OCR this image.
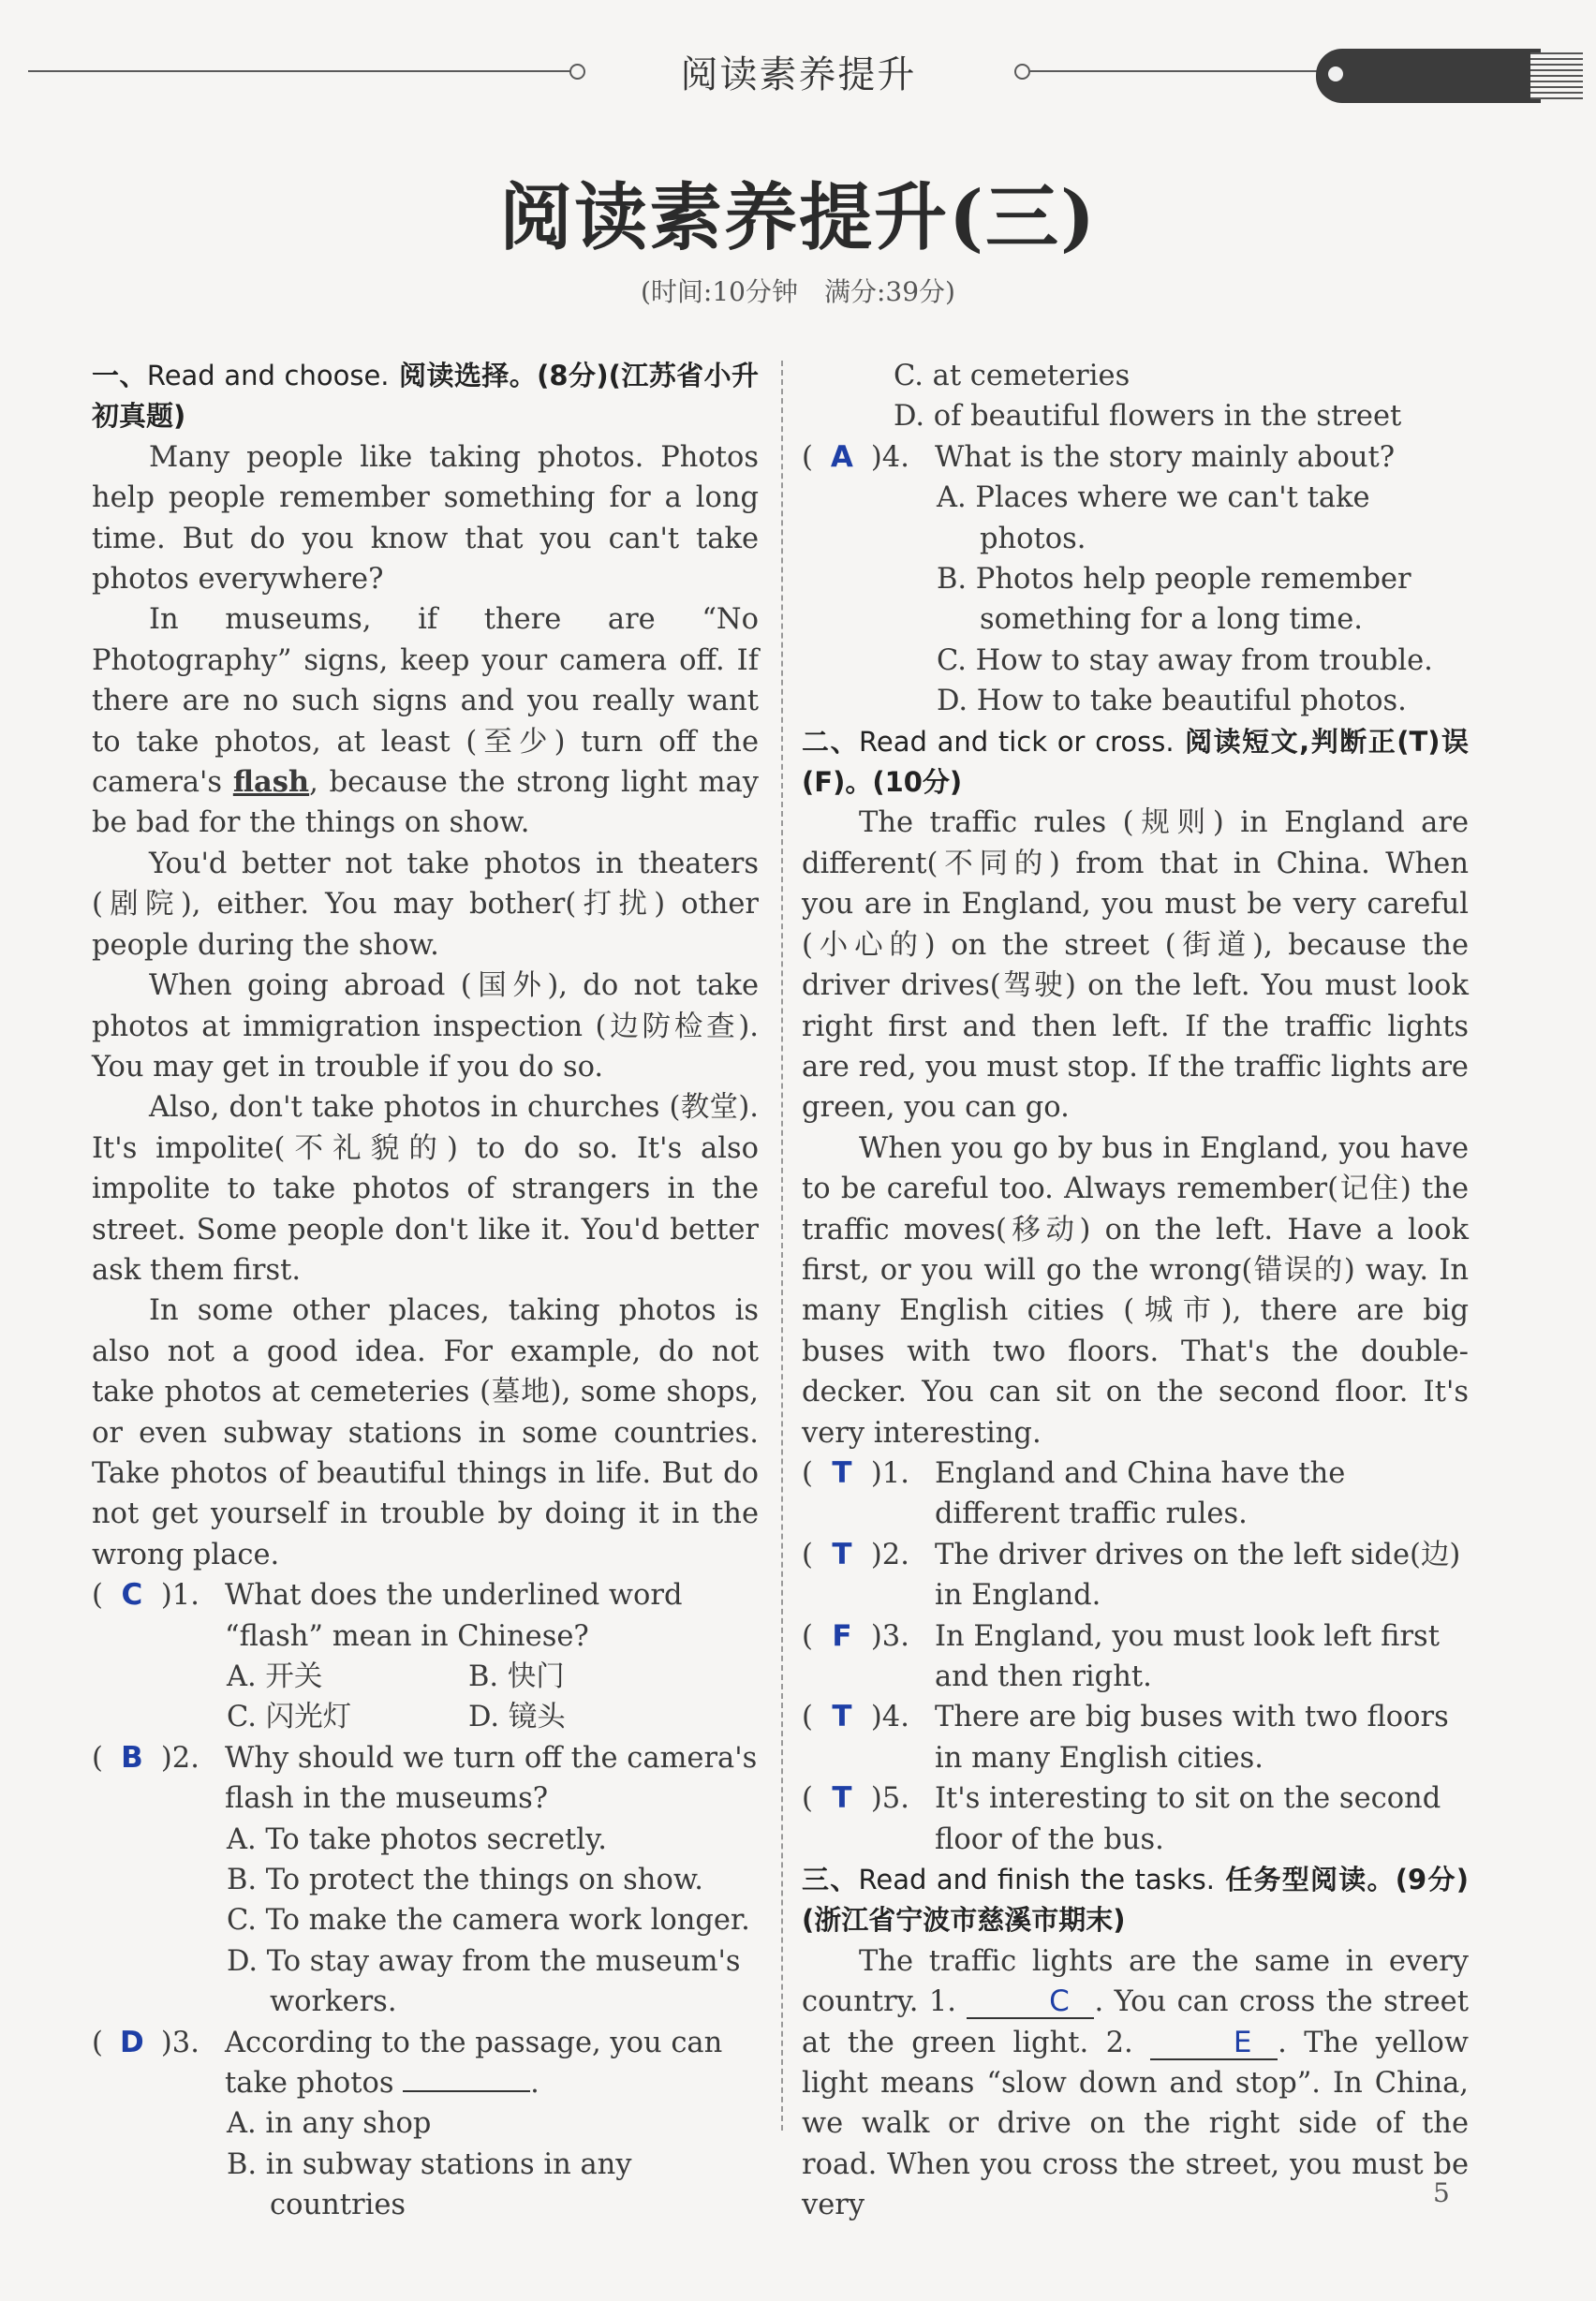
阅读素养提升
阅读素养提升(三)
(时间:10分钟　满分:39分)

一、Read and choose. 阅读选择。(8分)(江苏省小升初真题)

Many people like taking photos. Photos help people remember something for a long time. But do you know that you can't take photos everywhere?

In museums, if there are “No Photography” signs, keep your camera off. If there are no such signs and you really want to take photos, at least (至少) turn off the camera's flash, because the strong light may be bad for the things on show.

You'd better not take photos in theaters (剧院), either. You may bother(打扰) other people during the show.

When going abroad (国外), do not take photos at immigration inspection (边防检查). You may get in trouble if you do so.

Also, don't take photos in churches (教堂). It's impolite(不礼貌的) to do so. It's also impolite to take photos of strangers in the street. Some people don't like it. You'd better ask them first.

In some other places, taking photos is also not a good idea. For example, do not take photos at cemeteries (墓地), some shops, or even subway stations in some countries. Take photos of beautiful things in life. But do not get yourself in trouble by doing it in the wrong place.

( C )1. What does the underlined word “flash” mean in Chinese?

A. 开关	B. 快门

C. 闪光灯	D. 镜头

( B )2. Why should we turn off the camera's flash in the museums?

A. To take photos secretly.

B. To protect the things on show.

C. To make the camera work longer.

D. To stay away from the museum's workers.

( D )3. According to the passage, you can take photos	.

A. in any shop

B. in subway stations in any countries

C. at cemeteries

D. of beautiful flowers in the street

( A )4. What is the story mainly about?

A. Places where we can't take photos.

B. Photos help people remember something for a long time.

C. How to stay away from trouble.

D. How to take beautiful photos.

二、Read and tick or cross. 阅读短文,判断正(T)误(F)。(10分)

The traffic rules (规则) in England are different(不同的) from that in China. When you are in England, you must be very careful (小心的) on the street (街道), because the driver drives(驾驶) on the left. You must look right first and then left. If the traffic lights are red, you must stop. If the traffic lights are green, you can go.

When you go by bus in England, you have to be careful too. Always remember(记住) the traffic moves(移动) on the left. Have a look first, or you will go the wrong(错误的) way. In many English cities (城市), there are big buses with two floors. That's the double-decker. You can sit on the second floor. It's very interesting.

( T )1. England and China have the different traffic rules.

( T )2. The driver drives on the left side(边) in England.

( F )3. In England, you must look left first and then right.

( T )4. There are big buses with two floors in many English cities.

( T )5. It's interesting to sit on the second floor of the bus.

三、Read and finish the tasks. 任务型阅读。(9分)(浙江省宁波市慈溪市期末)

The traffic lights are the same in every country. 1.	C . You can cross the street at the green light. 2.	E . The yellow light means “slow down and stop”. In China, we walk or drive on the right side of the road. When you cross the street, you must be very	5
